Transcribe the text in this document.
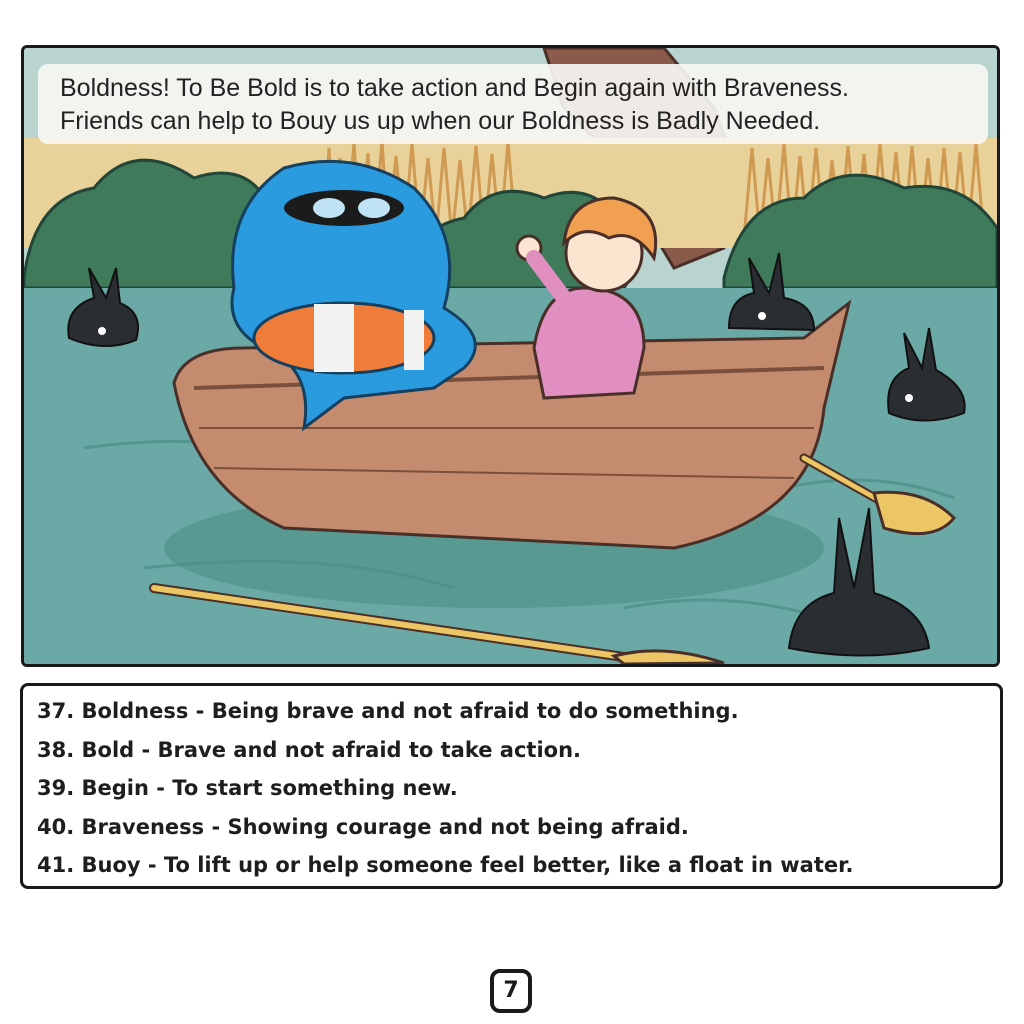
Boldness! To Be Bold is to take action and Begin again with Braveness.
Friends can help to Bouy us up when our Boldness is Badly Needed.
37. Boldness - Being brave and not afraid to do something.
38. Bold - Brave and not afraid to take action.
39. Begin - To start something new.
40. Braveness - Showing courage and not being afraid.
41. Buoy - To lift up or help someone feel better, like a float in water.
7
